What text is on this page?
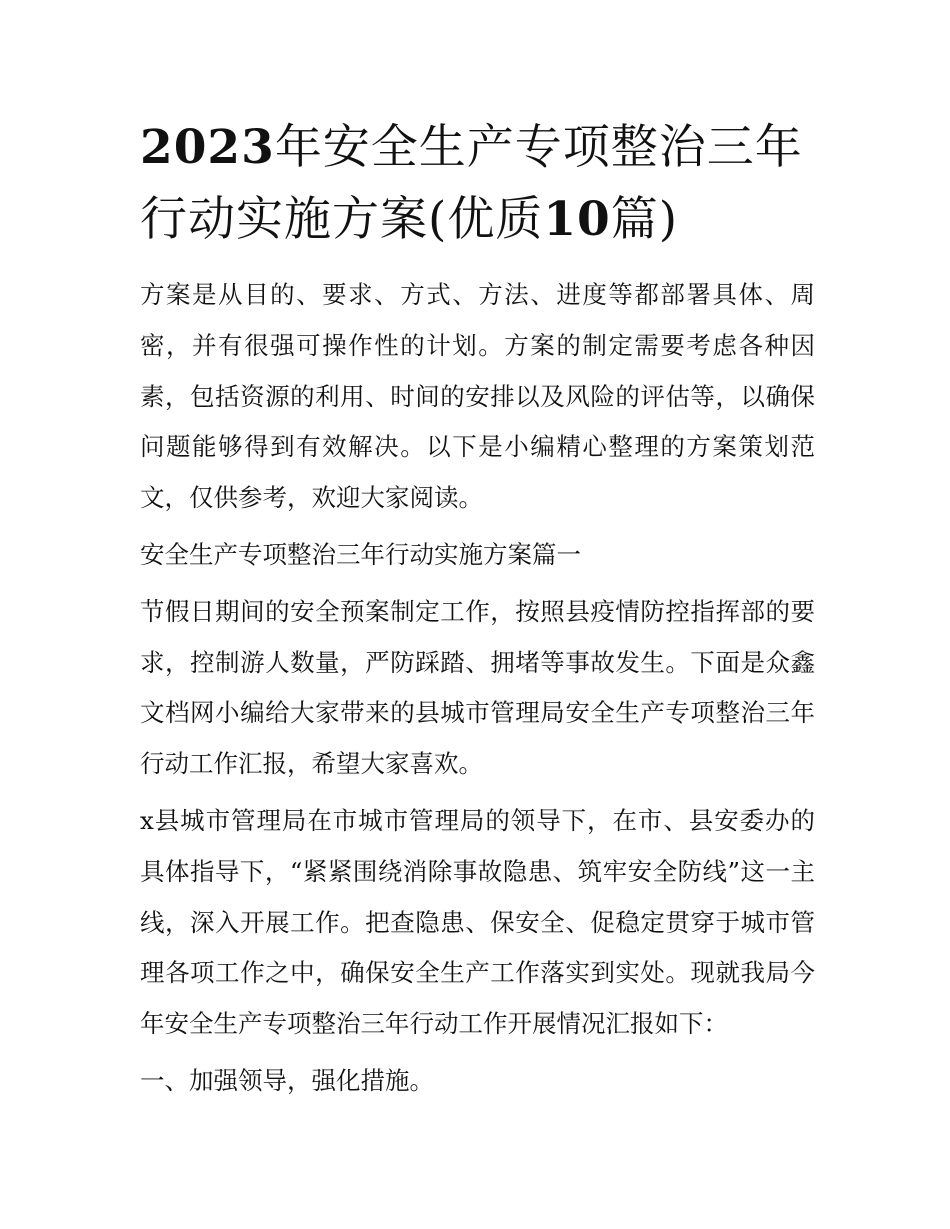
2023年安全生产专项整治三年
行动实施方案(优质10篇)

方案是从目的、要求、方式、方法、进度等都部署具体、周密，并有很强可操作性的计划。方案的制定需要考虑各种因素，包括资源的利用、时间的安排以及风险的评估等，以确保问题能够得到有效解决。以下是小编精心整理的方案策划范文，仅供参考，欢迎大家阅读。

安全生产专项整治三年行动实施方案篇一

节假日期间的安全预案制定工作，按照县疫情防控指挥部的要求，控制游人数量，严防踩踏、拥堵等事故发生。下面是众鑫文档网小编给大家带来的县城市管理局安全生产专项整治三年行动工作汇报，希望大家喜欢。

x县城市管理局在市城市管理局的领导下，在市、县安委办的具体指导下，“紧紧围绕消除事故隐患、筑牢安全防线”这一主线，深入开展工作。把查隐患、保安全、促稳定贯穿于城市管理各项工作之中，确保安全生产工作落实到实处。现就我局今年安全生产专项整治三年行动工作开展情况汇报如下：

一、加强领导，强化措施。
